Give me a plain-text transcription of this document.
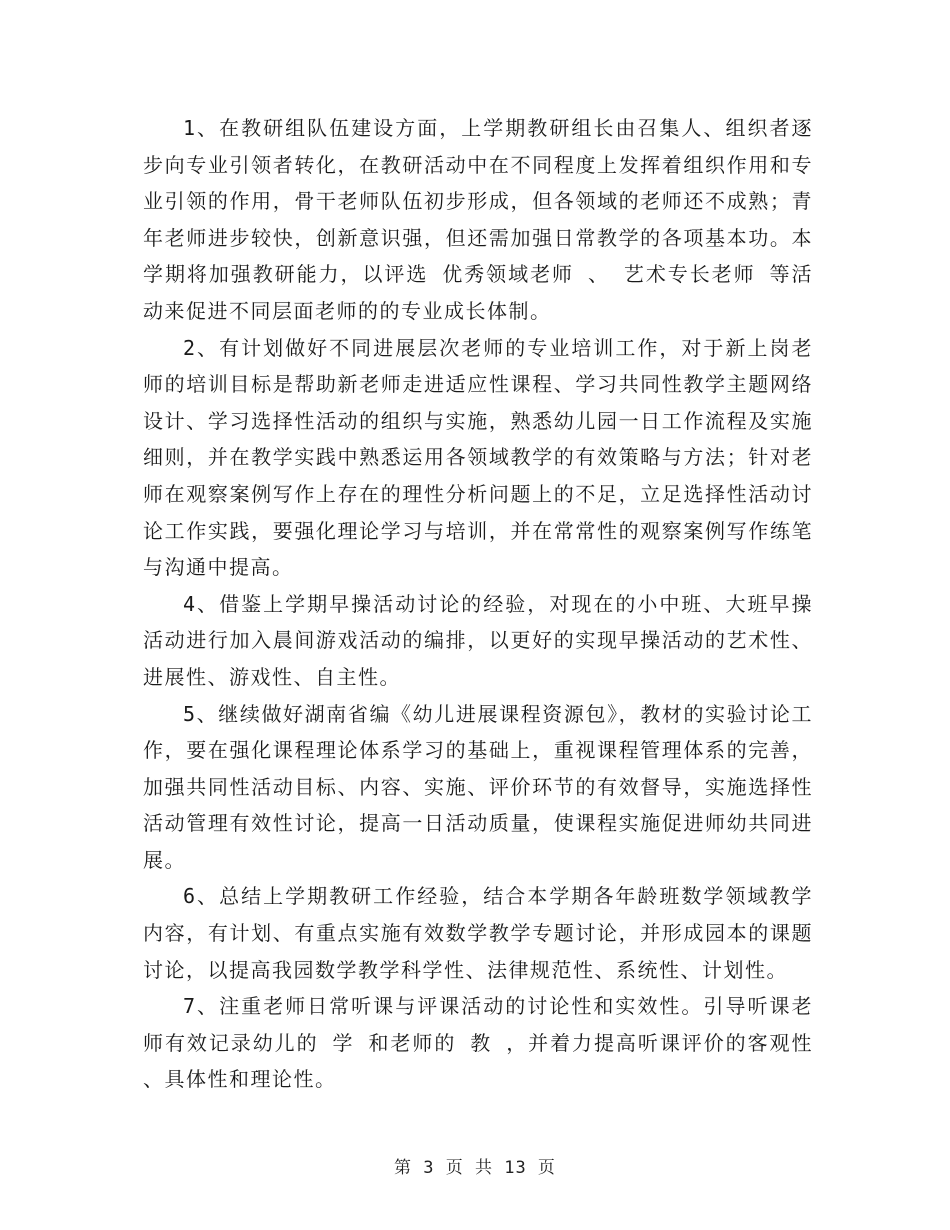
1、在教研组队伍建设方面，上学期教研组长由召集人、组织者逐步向专业引领者转化，在教研活动中在不同程度上发挥着组织作用和专业引领的作用，骨干老师队伍初步形成，但各领域的老师还不成熟；青年老师进步较快，创新意识强，但还需加强日常教学的各项基本功。本学期将加强教研能力，以评选 优秀领域老师 、 艺术专长老师 等活动来促进不同层面老师的的专业成长体制。

2、有计划做好不同进展层次老师的专业培训工作，对于新上岗老师的培训目标是帮助新老师走进适应性课程、学习共同性教学主题网络设计、学习选择性活动的组织与实施，熟悉幼儿园一日工作流程及实施细则，并在教学实践中熟悉运用各领域教学的有效策略与方法；针对老师在观察案例写作上存在的理性分析问题上的不足，立足选择性活动讨论工作实践，要强化理论学习与培训，并在常常性的观察案例写作练笔与沟通中提高。

4、借鉴上学期早操活动讨论的经验，对现在的小中班、大班早操活动进行加入晨间游戏活动的编排，以更好的实现早操活动的艺术性、进展性、游戏性、自主性。

5、继续做好湖南省编《幼儿进展课程资源包》，教材的实验讨论工作，要在强化课程理论体系学习的基础上，重视课程管理体系的完善，加强共同性活动目标、内容、实施、评价环节的有效督导，实施选择性活动管理有效性讨论，提高一日活动质量，使课程实施促进师幼共同进展。

6、总结上学期教研工作经验，结合本学期各年龄班数学领域教学内容，有计划、有重点实施有效数学教学专题讨论，并形成园本的课题讨论，以提高我园数学教学科学性、法律规范性、系统性、计划性。

7、注重老师日常听课与评课活动的讨论性和实效性。引导听课老师有效记录幼儿的 学 和老师的 教 ，并着力提高听课评价的客观性、具体性和理论性。

第 3 页 共 13 页
